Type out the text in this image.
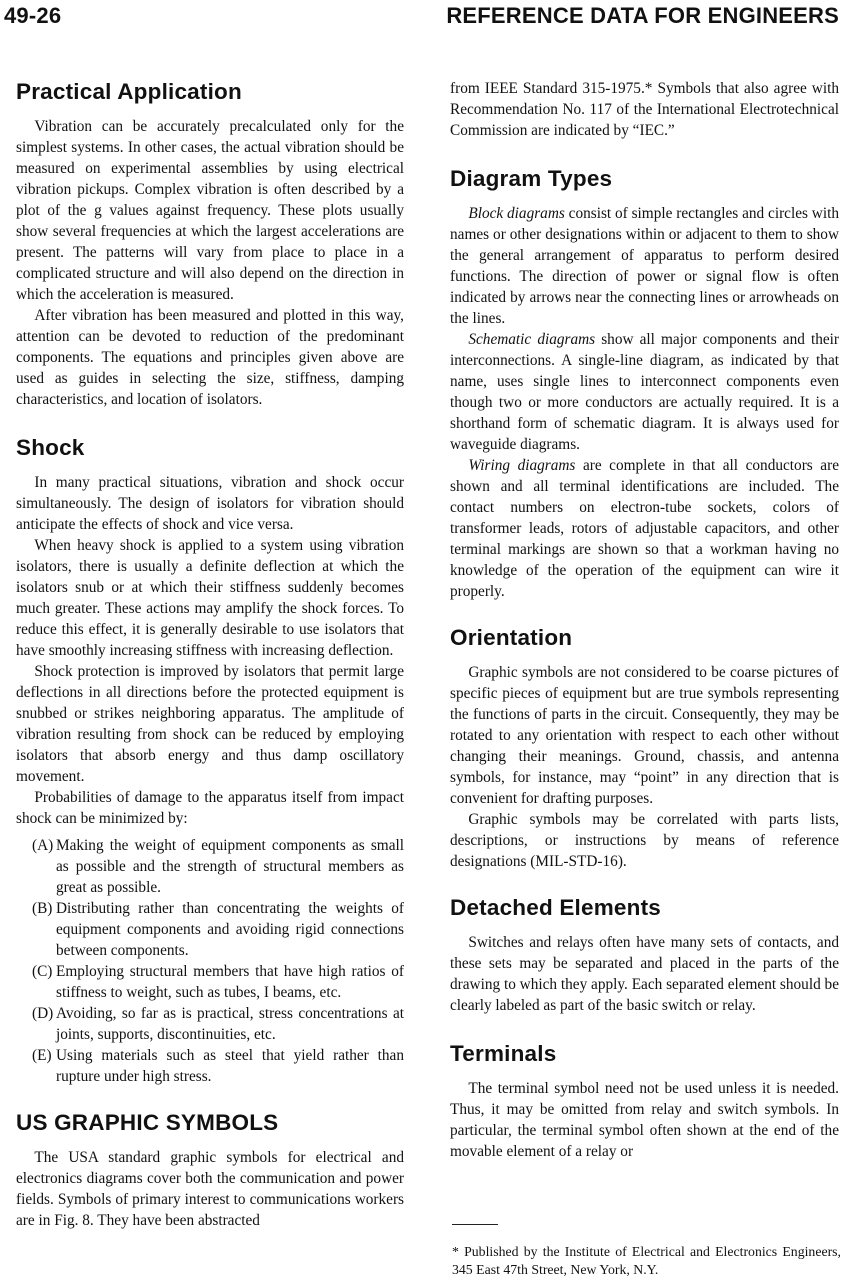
49-26	REFERENCE DATA FOR ENGINEERS
Practical Application

Vibration can be accurately precalculated only for the simplest systems. In other cases, the actual vibration should be measured on experimental assemblies by using electrical vibration pickups. Complex vibration is often described by a plot of the g values against frequency. These plots usually show several frequencies at which the largest accelerations are present. The patterns will vary from place to place in a complicated structure and will also depend on the direction in which the acceleration is measured.

After vibration has been measured and plotted in this way, attention can be devoted to reduction of the predominant components. The equations and principles given above are used as guides in selecting the size, stiffness, damping characteristics, and location of isolators.

Shock

In many practical situations, vibration and shock occur simultaneously. The design of isolators for vibration should anticipate the effects of shock and vice versa.

When heavy shock is applied to a system using vibration isolators, there is usually a definite deflection at which the isolators snub or at which their stiffness suddenly becomes much greater. These actions may amplify the shock forces. To reduce this effect, it is generally desirable to use isolators that have smoothly increasing stiffness with increasing deflection.

Shock protection is improved by isolators that permit large deflections in all directions before the protected equipment is snubbed or strikes neighboring apparatus. The amplitude of vibration resulting from shock can be reduced by employing isolators that absorb energy and thus damp oscillatory movement.

Probabilities of damage to the apparatus itself from impact shock can be minimized by:

(A) Making the weight of equipment components as small as possible and the strength of structural members as great as possible.
(B) Distributing rather than concentrating the weights of equipment components and avoiding rigid connections between components.
(C) Employing structural members that have high ratios of stiffness to weight, such as tubes, I beams, etc.
(D) Avoiding, so far as is practical, stress concentrations at joints, supports, discontinuities, etc.
(E) Using materials such as steel that yield rather than rupture under high stress.
US GRAPHIC SYMBOLS

The USA standard graphic symbols for electrical and electronics diagrams cover both the communication and power fields. Symbols of primary interest to communications workers are in Fig. 8. They have been abstracted

from IEEE Standard 315-1975.* Symbols that also agree with Recommendation No. 117 of the International Electrotechnical Commission are indicated by “IEC.”

Diagram Types

Block diagrams consist of simple rectangles and circles with names or other designations within or adjacent to them to show the general arrangement of apparatus to perform desired functions. The direction of power or signal flow is often indicated by arrows near the connecting lines or arrowheads on the lines.

Schematic diagrams show all major components and their interconnections. A single-line diagram, as indicated by that name, uses single lines to interconnect components even though two or more conductors are actually required. It is a shorthand form of schematic diagram. It is always used for waveguide diagrams.

Wiring diagrams are complete in that all conductors are shown and all terminal identifications are included. The contact numbers on electron-tube sockets, colors of transformer leads, rotors of adjustable capacitors, and other terminal markings are shown so that a workman having no knowledge of the operation of the equipment can wire it properly.

Orientation

Graphic symbols are not considered to be coarse pictures of specific pieces of equipment but are true symbols representing the functions of parts in the circuit. Consequently, they may be rotated to any orientation with respect to each other without changing their meanings. Ground, chassis, and antenna symbols, for instance, may “point” in any direction that is convenient for drafting purposes.

Graphic symbols may be correlated with parts lists, descriptions, or instructions by means of reference designations (MIL-STD-16).

Detached Elements

Switches and relays often have many sets of contacts, and these sets may be separated and placed in the parts of the drawing to which they apply. Each separated element should be clearly labeled as part of the basic switch or relay.

Terminals

The terminal symbol need not be used unless it is needed. Thus, it may be omitted from relay and switch symbols. In particular, the terminal symbol often shown at the end of the movable element of a relay or

* Published by the Institute of Electrical and Electronics Engineers, 345 East 47th Street, New York, N.Y.
